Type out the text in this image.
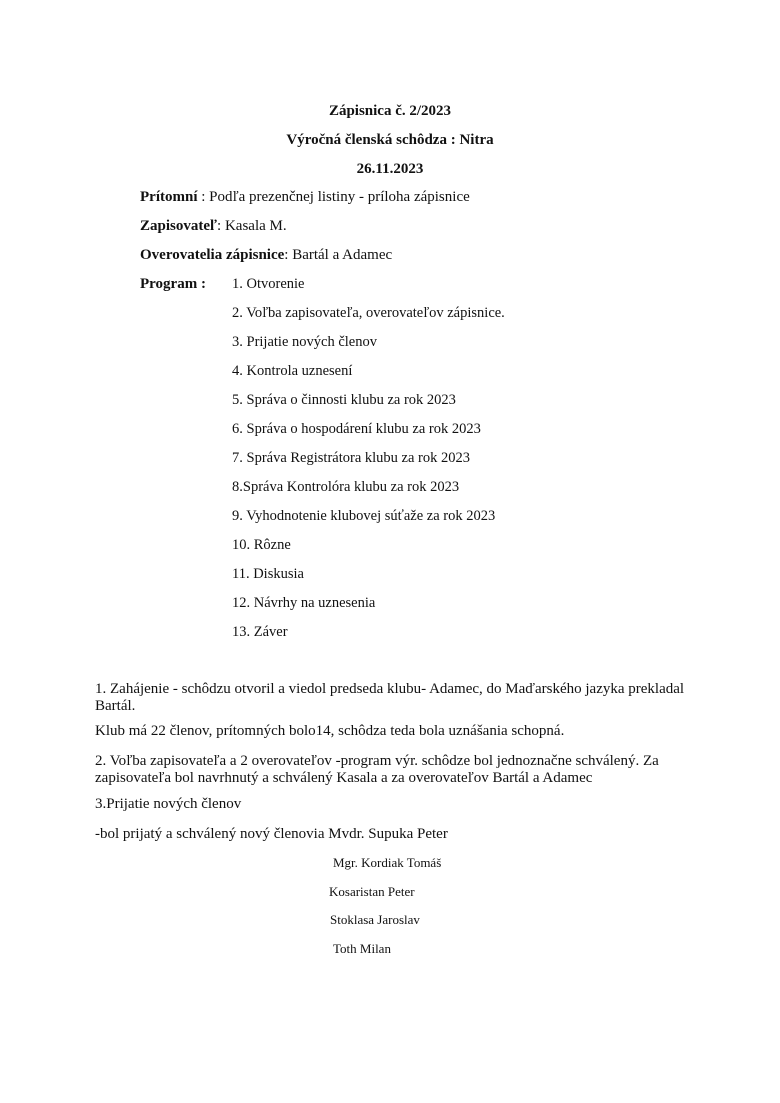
Zápisnica č. 2/2023
Výročná členská schôdza : Nitra
26.11.2023
Prítomní : Podľa prezenčnej listiny - príloha zápisnice
Zapisovateľ: Kasala M.
Overovatelia zápisnice: Bartál a Adamec
Program : 1. Otvorenie
2. Voľba zapisovateľa, overovateľov zápisnice.
3. Prijatie nových členov
4. Kontrola uznesení
5. Správa o činnosti klubu za rok 2023
6. Správa o hospodárení klubu za rok 2023
7. Správa Registrátora klubu za rok 2023
8.Správa Kontrolóra klubu za rok 2023
9. Vyhodnotenie klubovej súťaže za rok 2023
10. Rôzne
11. Diskusia
12. Návrhy na uznesenia
13. Záver
1. Zahájenie - schôdzu otvoril a viedol predseda klubu- Adamec, do Maďarského jazyka prekladal Bartál.
Klub má 22 členov, prítomných bolo14, schôdza teda bola uznášania schopná.
2. Voľba zapisovateľa a 2 overovateľov -program výr. schôdze bol jednoznačne schválený. Za zapisovateľa bol navrhnutý a schválený Kasala a za overovateľov Bartál a Adamec
3.Prijatie nových členov
-bol prijatý a schválený nový členovia Mvdr. Supuka Peter
Mgr. Kordiak Tomáš
Kosaristan Peter
Stoklasa Jaroslav
Toth Milan
